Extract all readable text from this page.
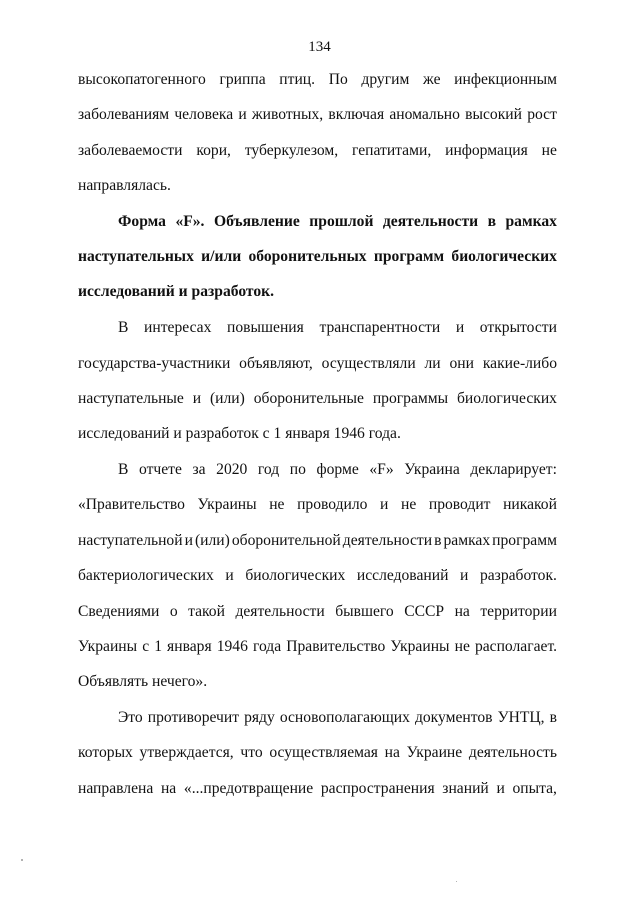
134
высокопатогенного гриппа птиц. По другим же инфекционным
заболеваниям человека и животных, включая аномально высокий рост
заболеваемости кори, туберкулезом, гепатитами, информация не
направлялась.
Форма «F». Объявление прошлой деятельности в рамках
наступательных и/или оборонительных программ биологических
исследований и разработок.
В интересах повышения транспарентности и открытости
государства-участники объявляют, осуществляли ли они какие-либо
наступательные и (или) оборонительные программы биологических
исследований и разработок с 1 января 1946 года.
В отчете за 2020 год по форме «F» Украина декларирует:
«Правительство Украины не проводило и не проводит никакой
наступательной и (или) оборонительной деятельности в рамках программ
бактериологических и биологических исследований и разработок.
Сведениями о такой деятельности бывшего СССР на территории
Украины с 1 января 1946 года Правительство Украины не располагает.
Объявлять нечего».
Это противоречит ряду основополагающих документов УНТЦ, в
которых утверждается, что осуществляемая на Украине деятельность
направлена на «...предотвращение распространения знаний и опыта,
